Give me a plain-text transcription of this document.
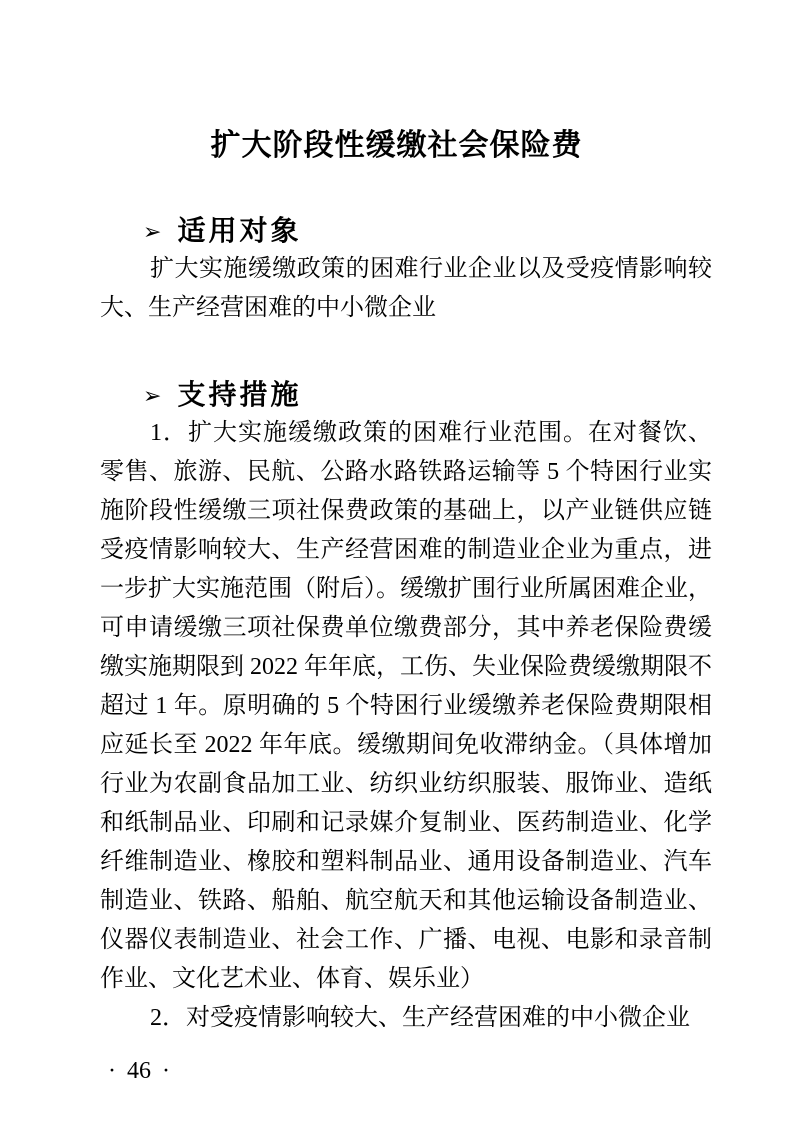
扩大阶段性缓缴社会保险费
➢ 适用对象
扩大实施缓缴政策的困难行业企业以及受疫情影响较
大、生产经营困难的中小微企业
➢ 支持措施
1．扩大实施缓缴政策的困难行业范围。在对餐饮、
零售、旅游、民航、公路水路铁路运输等 5 个特困行业实
施阶段性缓缴三项社保费政策的基础上，以产业链供应链
受疫情影响较大、生产经营困难的制造业企业为重点，进
一步扩大实施范围（附后）。缓缴扩围行业所属困难企业，
可申请缓缴三项社保费单位缴费部分，其中养老保险费缓
缴实施期限到 2022 年年底，工伤、失业保险费缓缴期限不
超过 1 年。原明确的 5 个特困行业缓缴养老保险费期限相
应延长至 2022 年年底。缓缴期间免收滞纳金。（具体增加
行业为农副食品加工业、纺织业纺织服装、服饰业、造纸
和纸制品业、印刷和记录媒介复制业、医药制造业、化学
纤维制造业、橡胶和塑料制品业、通用设备制造业、汽车
制造业、铁路、船舶、航空航天和其他运输设备制造业、
仪器仪表制造业、社会工作、广播、电视、电影和录音制
作业、文化艺术业、体育、娱乐业）
2．对受疫情影响较大、生产经营困难的中小微企业
· 46 ·
